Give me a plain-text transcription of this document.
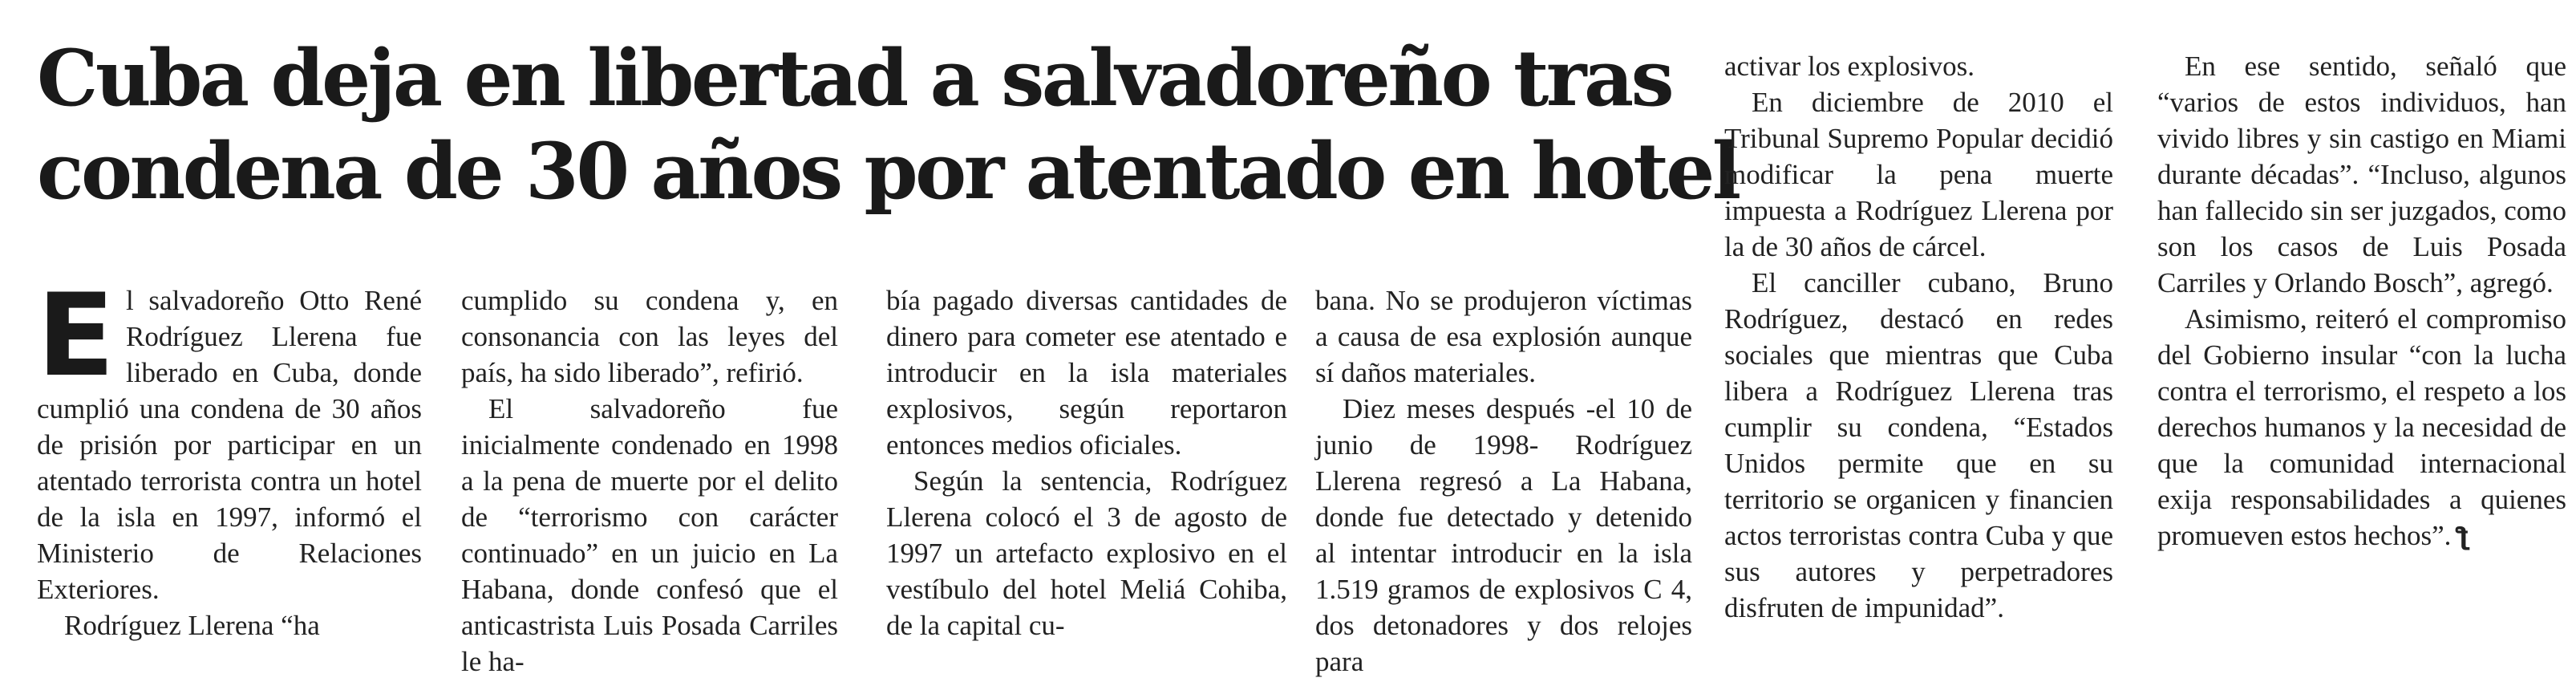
Cuba deja en libertad a salvadoreño tras
condena de 30 años por atentado en hotel

El salvadoreño Otto René Rodríguez Llerena fue liberado en Cuba, donde cumplió una condena de 30 años de prisión por participar en un atentado terrorista contra un hotel de la isla en 1997, informó el Ministerio de Relaciones Exteriores.

Rodríguez Llerena “ha

cumplido su condena y, en consonancia con las leyes del país, ha sido liberado”, refirió.

El salvadoreño fue inicialmente condenado en 1998 a la pena de muerte por el delito de “terrorismo con carácter continuado” en un juicio en La Habana, donde confesó que el anticastrista Luis Posada Carriles le ha-

bía pagado diversas cantidades de dinero para cometer ese atentado e introducir en la isla materiales explosivos, según reportaron entonces medios oficiales.

Según la sentencia, Rodríguez Llerena colocó el 3 de agosto de 1997 un artefacto explosivo en el vestíbulo del hotel Meliá Cohiba, de la capital cu-

bana. No se produjeron víctimas a causa de esa explosión aunque sí daños materiales.

Diez meses después -el 10 de junio de 1998- Rodríguez Llerena regresó a La Habana, donde fue detectado y detenido al intentar introducir en la isla 1.519 gramos de explosivos C 4, dos detonadores y dos relojes para

activar los explosivos.

En diciembre de 2010 el Tribunal Supremo Popular decidió modificar la pena muerte impuesta a Rodríguez Llerena por la de 30 años de cárcel.

El canciller cubano, Bruno Rodríguez, destacó en redes sociales que mientras que Cuba libera a Rodríguez Llerena tras cumplir su condena, “Estados Unidos permite que en su territorio se organicen y financien actos terroristas contra Cuba y que sus autores y perpetradores disfruten de impunidad”.

En ese sentido, señaló que “varios de estos individuos, han vivido libres y sin castigo en Miami durante décadas”. “Incluso, algunos han fallecido sin ser juzgados, como son los casos de Luis Posada Carriles y Orlando Bosch”, agregó.

Asimismo, reiteró el compromiso del Gobierno insular “con la lucha contra el terrorismo, el respeto a los derechos humanos y la necesidad de que la comunidad internacional exija responsabilidades a quienes promueven estos hechos”. ƪ
